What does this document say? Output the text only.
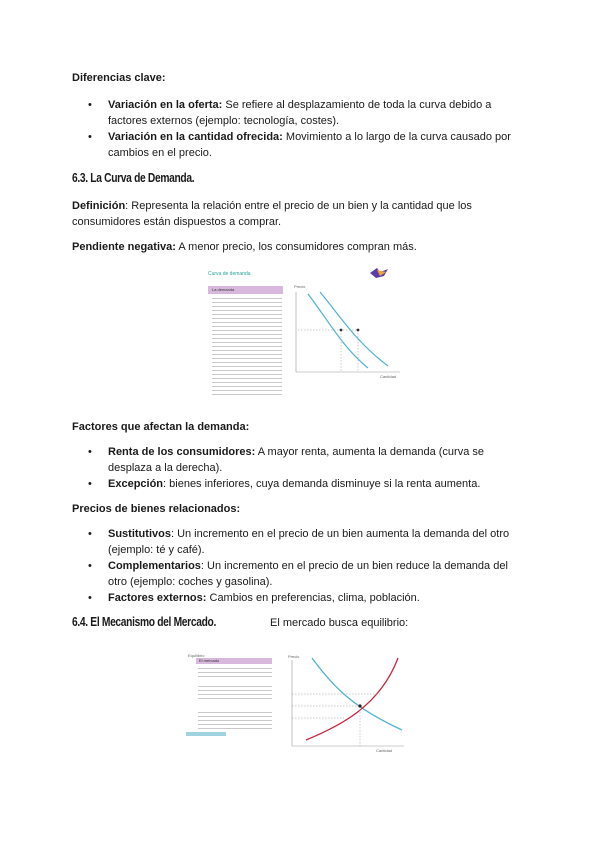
Diferencias clave:

• Variación en la oferta: Se refiere al desplazamiento de toda la curva debido a
factores externos (ejemplo: tecnología, costes).
• Variación en la cantidad ofrecida: Movimiento a lo largo de la curva causado por
cambios en el precio.
6.3. La Curva de Demanda.

Definición: Representa la relación entre el precio de un bien y la cantidad que los
consumidores están dispuestos a comprar.

Pendiente negativa: A menor precio, los consumidores compran más.

Curva de demanda
La demanda
Precio
Cantidad

Factores que afectan la demanda:

• Renta de los consumidores: A mayor renta, aumenta la demanda (curva se
desplaza a la derecha).
• Excepción: bienes inferiores, cuya demanda disminuye si la renta aumenta.

Precios de bienes relacionados:

• Sustitutivos: Un incremento en el precio de un bien aumenta la demanda del otro
(ejemplo: té y café).
• Complementarios: Un incremento en el precio de un bien reduce la demanda del
otro (ejemplo: coches y gasolina).
• Factores externos: Cambios en preferencias, clima, población.
6.4. El Mecanismo del Mercado.	El mercado busca equilibrio:

Equilibrio
El mercado
Precio
Cantidad
